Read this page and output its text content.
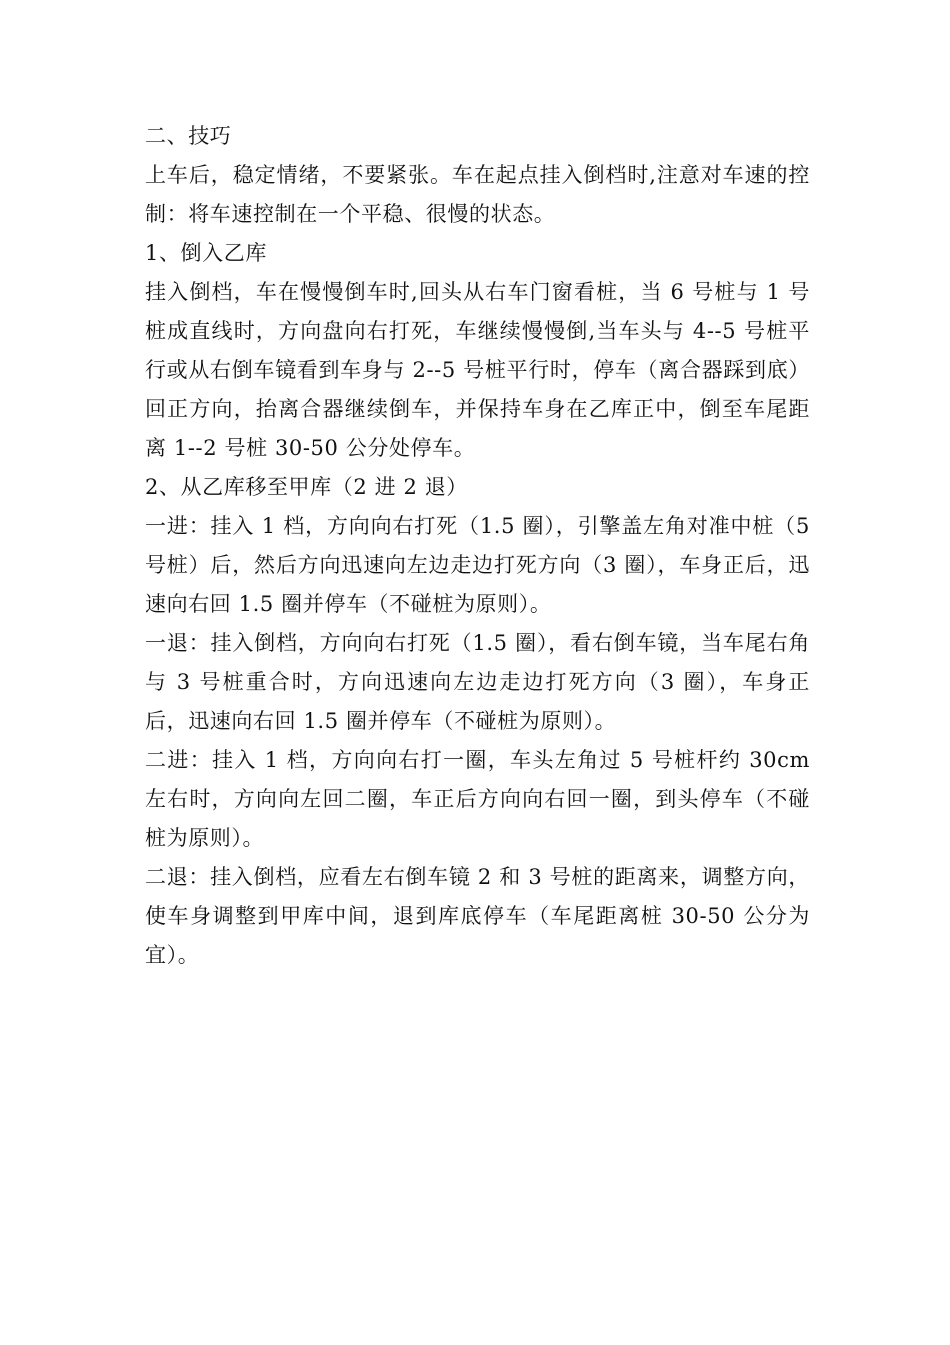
二、技巧

上车后，稳定情绪，不要紧张。车在起点挂入倒档时,注意对车速的控制：将车速控制在一个平稳、很慢的状态。

1、倒入乙库

挂入倒档，车在慢慢倒车时,回头从右车门窗看桩，当 6 号桩与 1 号桩成直线时，方向盘向右打死，车继续慢慢倒,当车头与 4--5 号桩平行或从右倒车镜看到车身与 2--5 号桩平行时，停车（离合器踩到底）回正方向，抬离合器继续倒车，并保持车身在乙库正中，倒至车尾距离 1--2 号桩 30-50 公分处停车。

2、从乙库移至甲库（2 进 2 退）

一进：挂入 1 档，方向向右打死（1.5 圈），引擎盖左角对准中桩（5 号桩）后，然后方向迅速向左边走边打死方向（3 圈），车身正后，迅速向右回 1.5 圈并停车（不碰桩为原则）。

一退：挂入倒档，方向向右打死（1.5 圈），看右倒车镜，当车尾右角与 3 号桩重合时，方向迅速向左边走边打死方向（3 圈），车身正后，迅速向右回 1.5 圈并停车（不碰桩为原则）。

二进：挂入 1 档，方向向右打一圈，车头左角过 5 号桩杆约 30cm 左右时，方向向左回二圈，车正后方向向右回一圈，到头停车（不碰桩为原则）。

二退：挂入倒档，应看左右倒车镜 2 和 3 号桩的距离来，调整方向，使车身调整到甲库中间，退到库底停车（车尾距离桩 30-50 公分为宜）。
